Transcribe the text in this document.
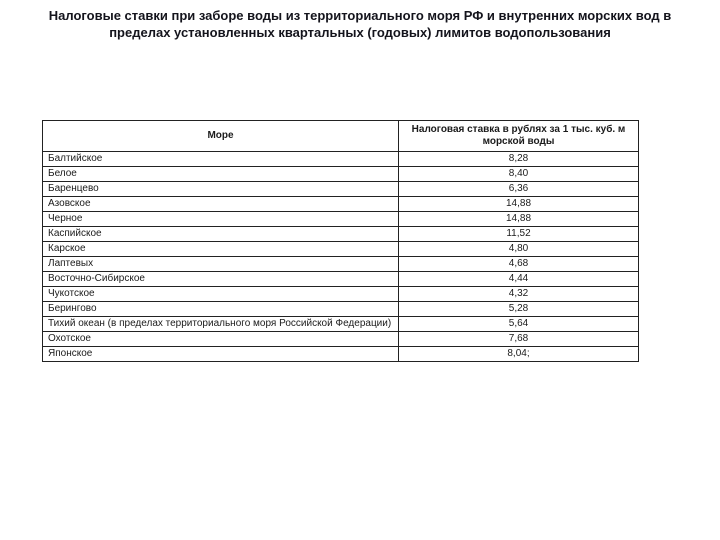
Налоговые ставки при заборе воды из территориального моря РФ и внутренних морских вод в пределах установленных квартальных (годовых) лимитов водопользования
Море	Налоговая ставка в рублях за 1 тыс. куб. м морской воды
Балтийское	8,28
Белое	8,40
Баренцево	6,36
Азовское	14,88
Черное	14,88
Каспийское	11,52
Карское	4,80
Лаптевых	4,68
Восточно-Сибирское	4,44
Чукотское	4,32
Берингово	5,28
Тихий океан (в пределах территориального моря Российской Федерации)	5,64
Охотское	7,68
Японское	8,04;
